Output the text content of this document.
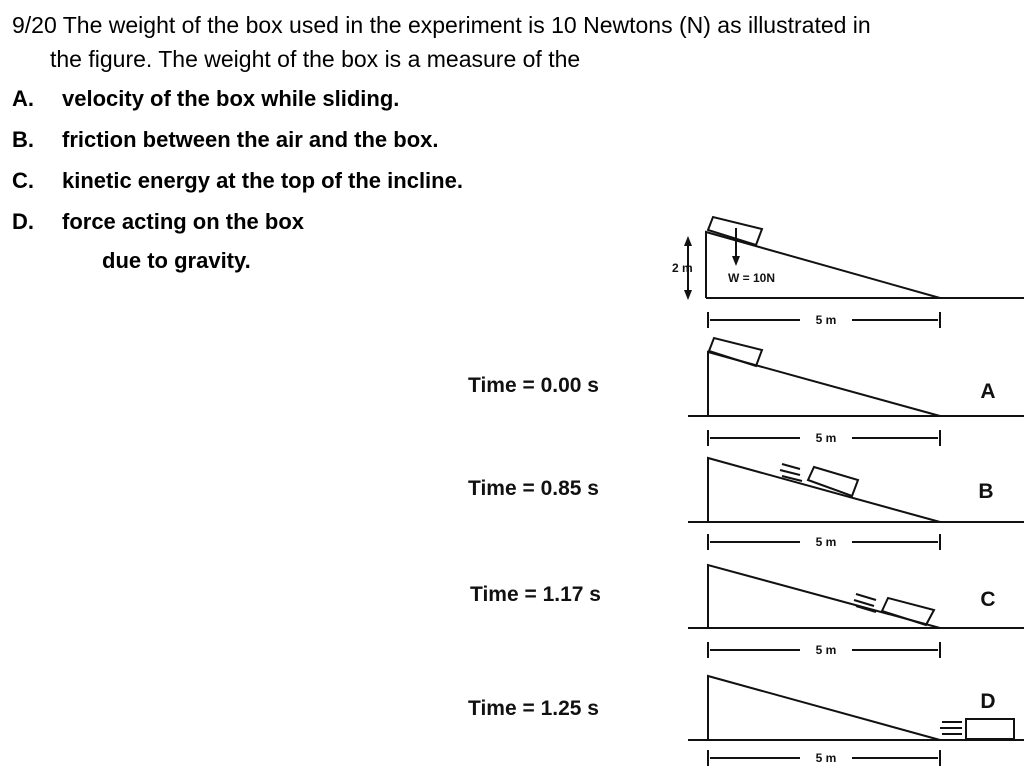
9/20 The weight of the box used in the experiment is 10 Newtons (N) as illustrated in
the figure. The weight of the box is a measure of the
A. velocity of the box while sliding.
B. friction between the air and the box.
C. kinetic energy at the top of the incline.
D. force acting on the box
due to gravity.	2 m
W = 10N
5 m
Time = 0.00 s	A
5 m
Time = 0.85 s	B
5 m
Time = 1.17 s	C
5 m
Time = 1.25 s	D
5 m
